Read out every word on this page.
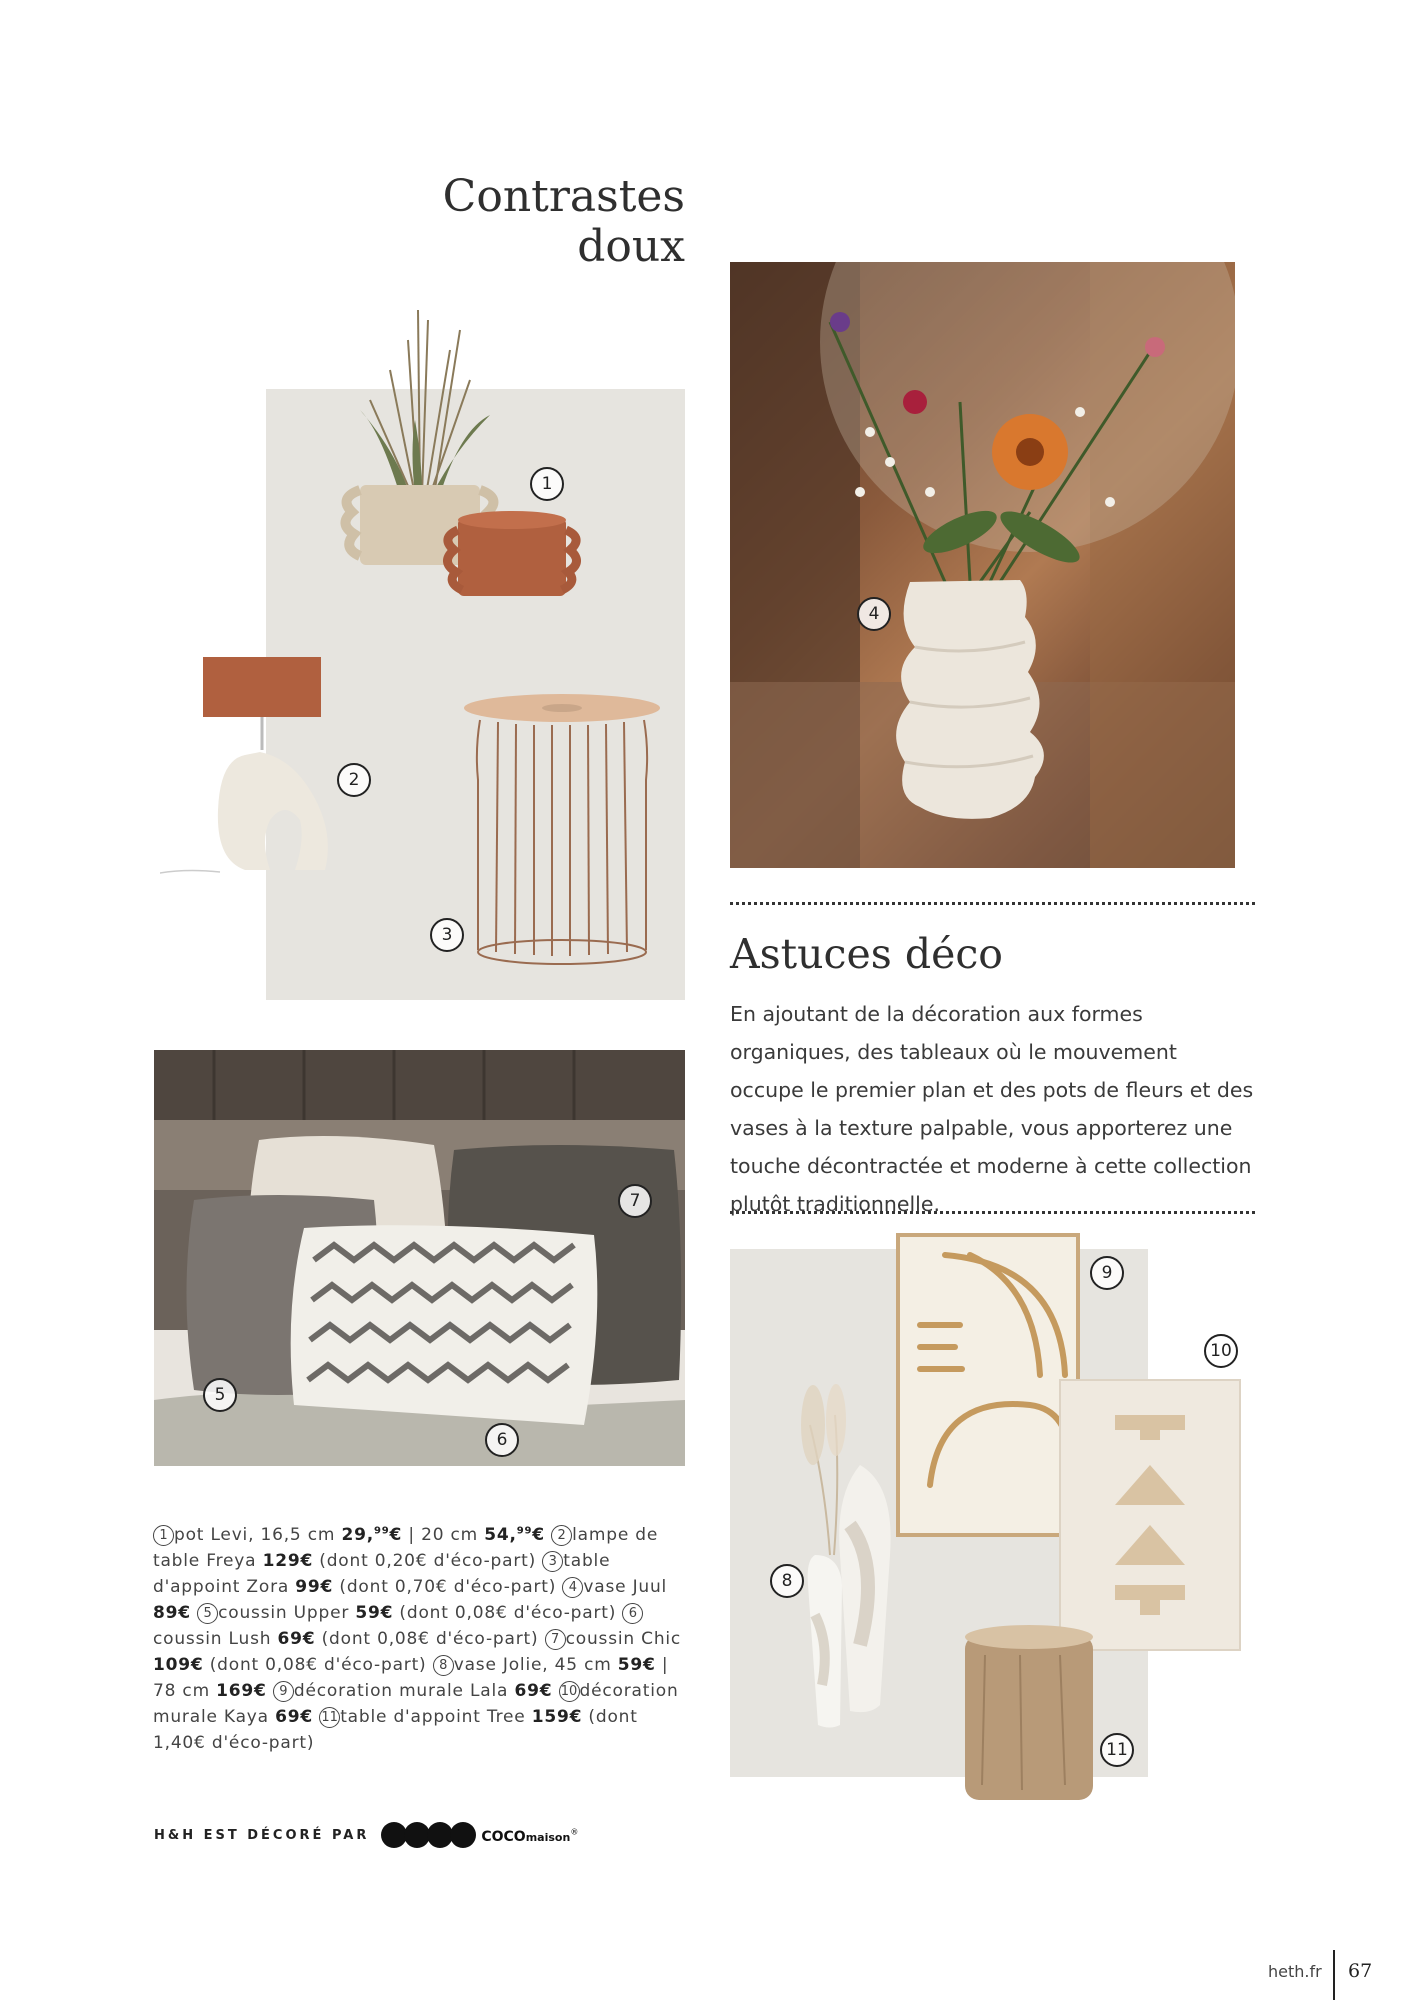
Contrastes
doux
1
2
3
4
Astuces déco
En ajoutant de la décoration aux formes organiques, des tableaux où le mouvement occupe le premier plan et des pots de fleurs et des vases à la texture palpable, vous apporterez une touche décontractée et moderne à cette collection plutôt traditionnelle.
5
6
7
1 pot Levi, 16,5 cm 29,99€ | 20 cm 54,99€ 2 lampe de table Freya 129€ (dont 0,20€ d'éco-part) 3 table d'appoint Zora 99€ (dont 0,70€ d'éco-part) 4 vase Juul 89€ 5 coussin Upper 59€ (dont 0,08€ d'éco-part) 6coussin Lush 69€ (dont 0,08€ d'éco-part) 7 coussin Chic 109€ (dont 0,08€ d'éco-part) 8 vase Jolie, 45 cm 59€ | 78 cm 169€ 9 décoration murale Lala 69€ 10 décoration murale Kaya 69€ 11 table d'appoint Tree 159€ (dont 1,40€ d'éco-part)
H&H EST DÉCORÉ PAR	COCOmaison®
8
9
10
11
heth.fr 67
